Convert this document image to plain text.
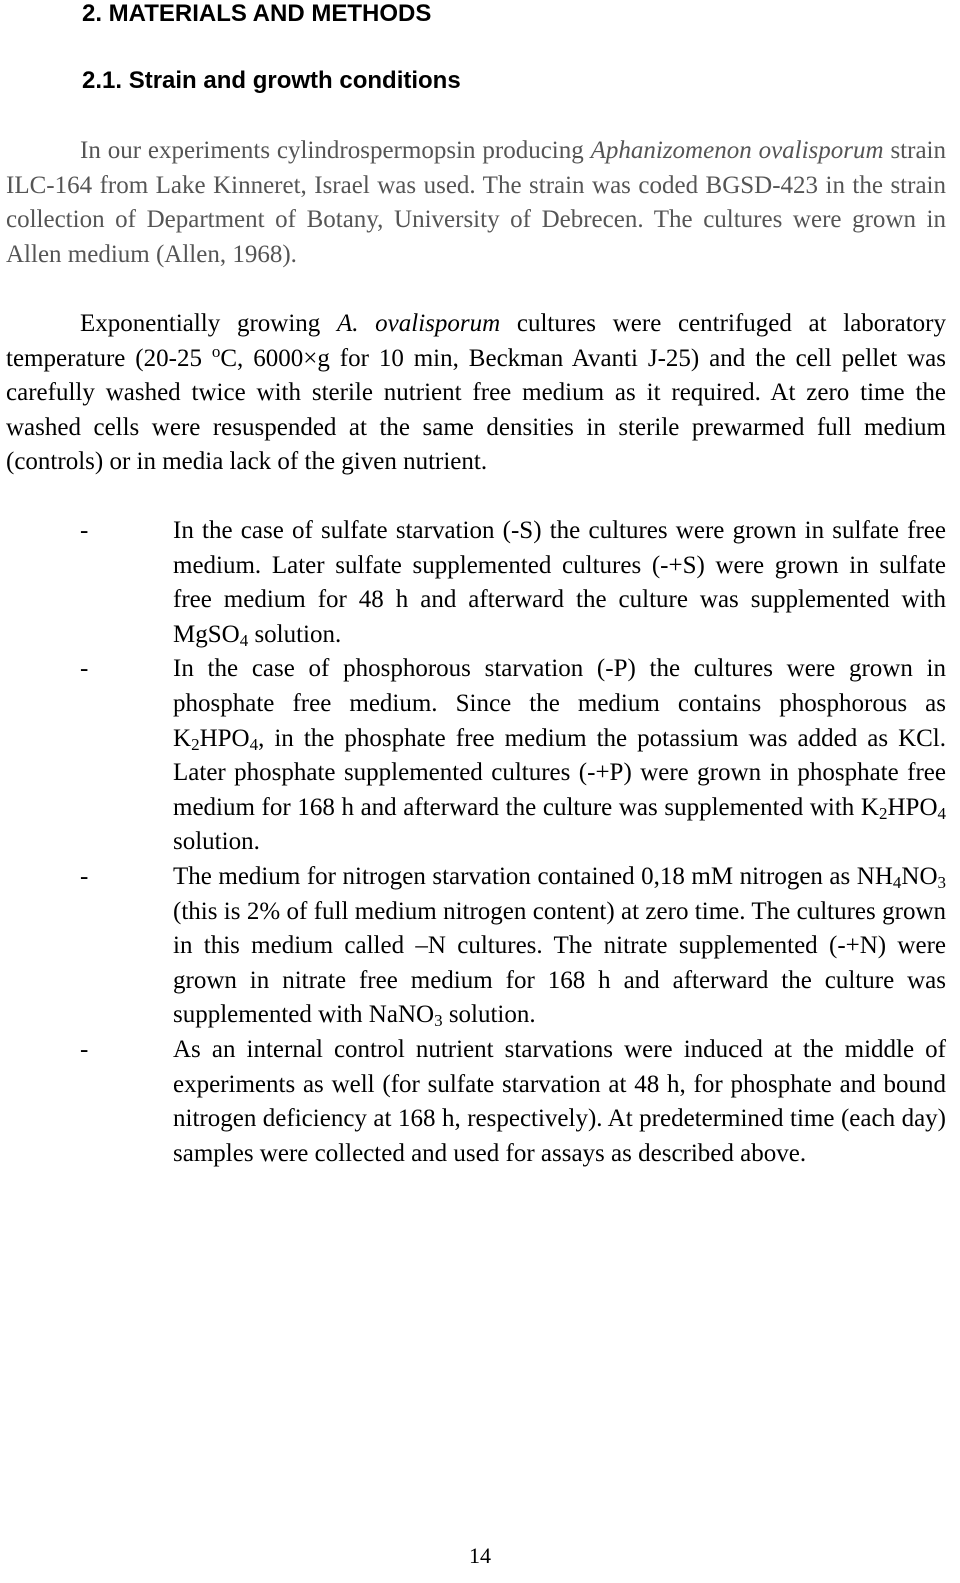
2. MATERIALS AND METHODS
2.1. Strain and growth conditions

In our experiments cylindrospermopsin producing Aphanizomenon ovalisporum strain ILC-164 from Lake Kinneret, Israel was used. The strain was coded BGSD-423 in the strain collection of Department of Botany, University of Debrecen. The cultures were grown in Allen medium (Allen, 1968).

Exponentially growing A. ovalisporum cultures were centrifuged at laboratory temperature (20-25 $^o$C, 6000×g for 10 min, Beckman Avanti J-25) and the cell pellet was carefully washed twice with sterile nutrient free medium as it required. At zero time the washed cells were resuspended at the same densities in sterile prewarmed full medium (controls) or in media lack of the given nutrient.

-	In the case of sulfate starvation (-S) the cultures were grown in sulfate free medium. Later sulfate supplemented cultures (-+S) were grown in sulfate free medium for 48 h and afterward the culture was supplemented with MgSO$_4$ solution.
-	In the case of phosphorous starvation (-P) the cultures were grown in phosphate free medium. Since the medium contains phosphorous as $K_2HPO_4$, in the phosphate free medium the potassium was added as KCl. Later phosphate supplemented cultures (-+P) were grown in phosphate free medium for 168 h and afterward the culture was supplemented with $K_2HPO_4$ solution.
-	The medium for nitrogen starvation contained 0,18 mM nitrogen as $NH_4NO_3$ (this is 2% of full medium nitrogen content) at zero time. The cultures grown in this medium called –N cultures. The nitrate supplemented (-+N) were grown in nitrate free medium for 168 h and afterward the culture was supplemented with NaNO$_3$ solution.
-	As an internal control nutrient starvations were induced at the middle of experiments as well (for sulfate starvation at 48 h, for phosphate and bound nitrogen deficiency at 168 h, respectively). At predetermined time (each day) samples were collected and used for assays as described above.

14
